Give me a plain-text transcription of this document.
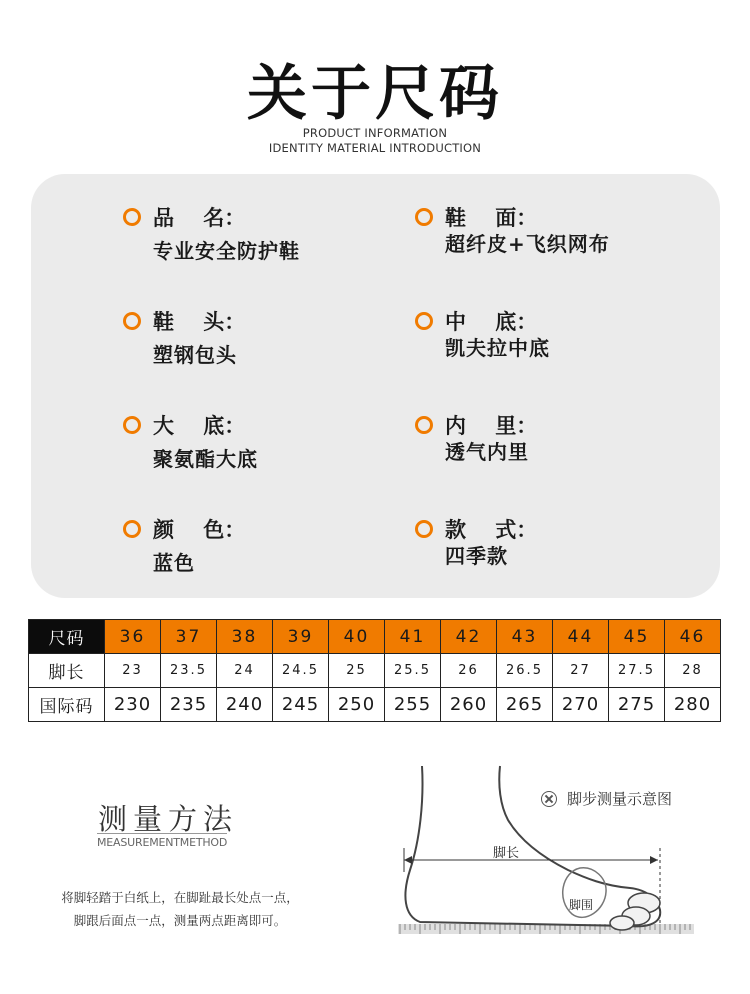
关于尺码
PRODUCT INFORMATION
IDENTITY MATERIAL INTRODUCTION
品    名：
专业安全防护鞋
鞋    面：
超纤皮+飞织网布
鞋    头：
塑钢包头
中    底：
凯夫拉中底
大    底：
聚氨酯大底
内    里：
透气内里
颜    色：
蓝色
款    式：
四季款
尺码	36	37	38	39	40	41	42	43	44	45	46
脚长	23	23.5	24	24.5	25	25.5	26	26.5	27	27.5	28
国际码	230	235	240	245	250	255	260	265	270	275	280
测量方法
MEASUREMENTMETHOD
将脚轻踏于白纸上，在脚趾最长处点一点，
脚跟后面点一点，测量两点距离即可。
脚步测量示意图
脚长
脚围
